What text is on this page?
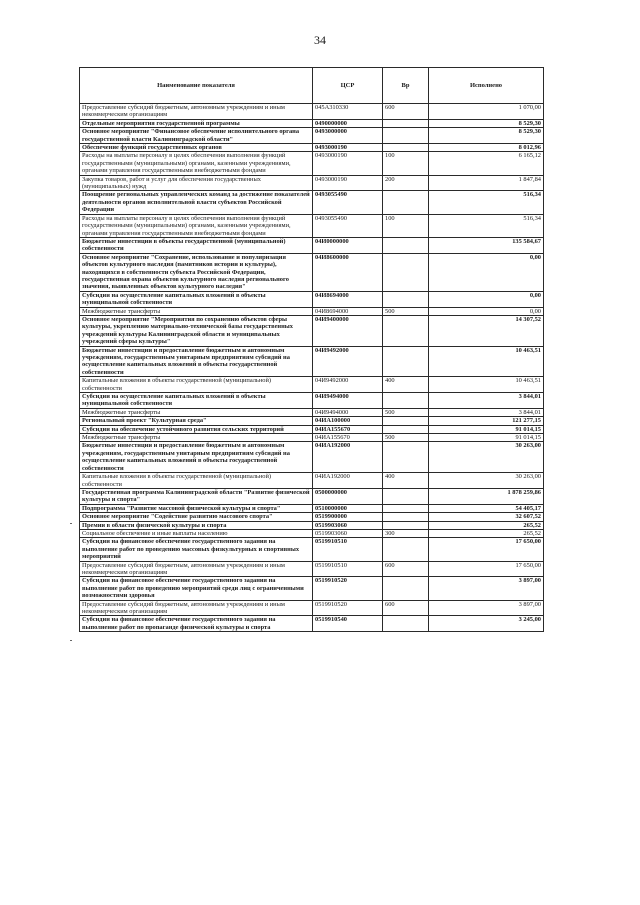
34
Наименование показателя	ЦСР	Вр	Исполнено
Предоставление субсидий бюджетным, автономным учреждениям и иным некоммерческим организациям	045А310330	600	1 070,00
Отдельные мероприятия государственной программы	0490000000		8 529,30
Основное мероприятие "Финансовое обеспечение исполнительного органа государственной власти Калининградской области"	0493000000		8 529,30
Обеспечение функций государственных органов	0493000190		8 012,96
Расходы на выплаты персоналу в целях обеспечения выполнения функций государственными (муниципальными) органами, казенными учреждениями, органами управления государственными внебюджетными фондами	0493000190	100	6 165,12
Закупка товаров, работ и услуг для обеспечения государственных (муниципальных) нужд	0493000190	200	1 847,84
Поощрение региональных управленческих команд за достижение показателей деятельности органов исполнительной власти субъектов Российской Федерации	0493055490		516,34
Расходы на выплаты персоналу в целях обеспечения выполнения функций государственными (муниципальными) органами, казенными учреждениями, органами управления государственными внебюджетными фондами	0493055490	100	516,34
Бюджетные инвестиции в объекты государственной (муниципальной) собственности	04И0000000		135 584,67
Основное мероприятие "Сохранение, использование и популяризация объектов культурного наследия (памятников истории и культуры), находящихся в собственности субъекта Российской Федерации, государственная охрана объектов культурного наследия регионального значения, выявленных объектов культурного наследия"	04И8600000		0,00
Субсидии на осуществление капитальных вложений в объекты муниципальной собственности	04И8694000		0,00
Межбюджетные трансферты	04И8694000	500	0,00
Основное мероприятие "Мероприятия по сохранению объектов сферы культуры, укреплению материально-технической базы государственных учреждений культуры Калининградской области и муниципальных учреждений сферы культуры"	04И9400000		14 307,52
Бюджетные инвестиции и предоставление бюджетным и автономным учреждениям, государственным унитарным предприятиям субсидий на осуществление капитальных вложений в объекты государственной собственности	04И9492000		10 463,51
Капитальные вложения в объекты государственной (муниципальной) собственности	04И9492000	400	10 463,51
Субсидии на осуществление капитальных вложений в объекты муниципальной собственности	04И9494000		3 844,01
Межбюджетные трансферты	04И9494000	500	3 844,01
Региональный проект "Культурная среда"	04ИА100000		121 277,15
Субсидии на обеспечение устойчивого развития сельских территорий	04ИА155670		91 014,15
Межбюджетные трансферты	04ИА155670	500	91 014,15
Бюджетные инвестиции и предоставление бюджетным и автономным учреждениям, государственным унитарным предприятиям субсидий на осуществление капитальных вложений в объекты государственной собственности	04ИА192000		30 263,00
Капитальные вложения в объекты государственной (муниципальной) собственности	04ИА192000	400	30 263,00
Государственная программа Калининградской области "Развитие физической культуры и спорта"	0500000000		1 878 259,86
Подпрограмма "Развитие массовой физической культуры и спорта"	0510000000		54 405,17
Основное мероприятие "Содействие развитию массового спорта"	0519900000		32 607,52
Премии в области физической культуры и спорта	0519903060		265,52
Социальное обеспечение и иные выплаты населению	0519903060	300	265,52
Субсидии на финансовое обеспечение государственного задания на выполнение работ по проведению массовых физкультурных и спортивных мероприятий	0519910510		17 650,00
Предоставление субсидий бюджетным, автономным учреждениям и иным некоммерческим организациям	0519910510	600	17 650,00
Субсидии на финансовое обеспечение государственного задания на выполнение работ по проведению мероприятий среди лиц с ограниченными возможностями здоровья	0519910520		3 897,00
Предоставление субсидий бюджетным, автономным учреждениям и иным некоммерческим организациям	0519910520	600	3 897,00
Субсидии на финансовое обеспечение государственного задания на выполнение работ по пропаганде физической культуры и спорта	0519910540		3 245,00
